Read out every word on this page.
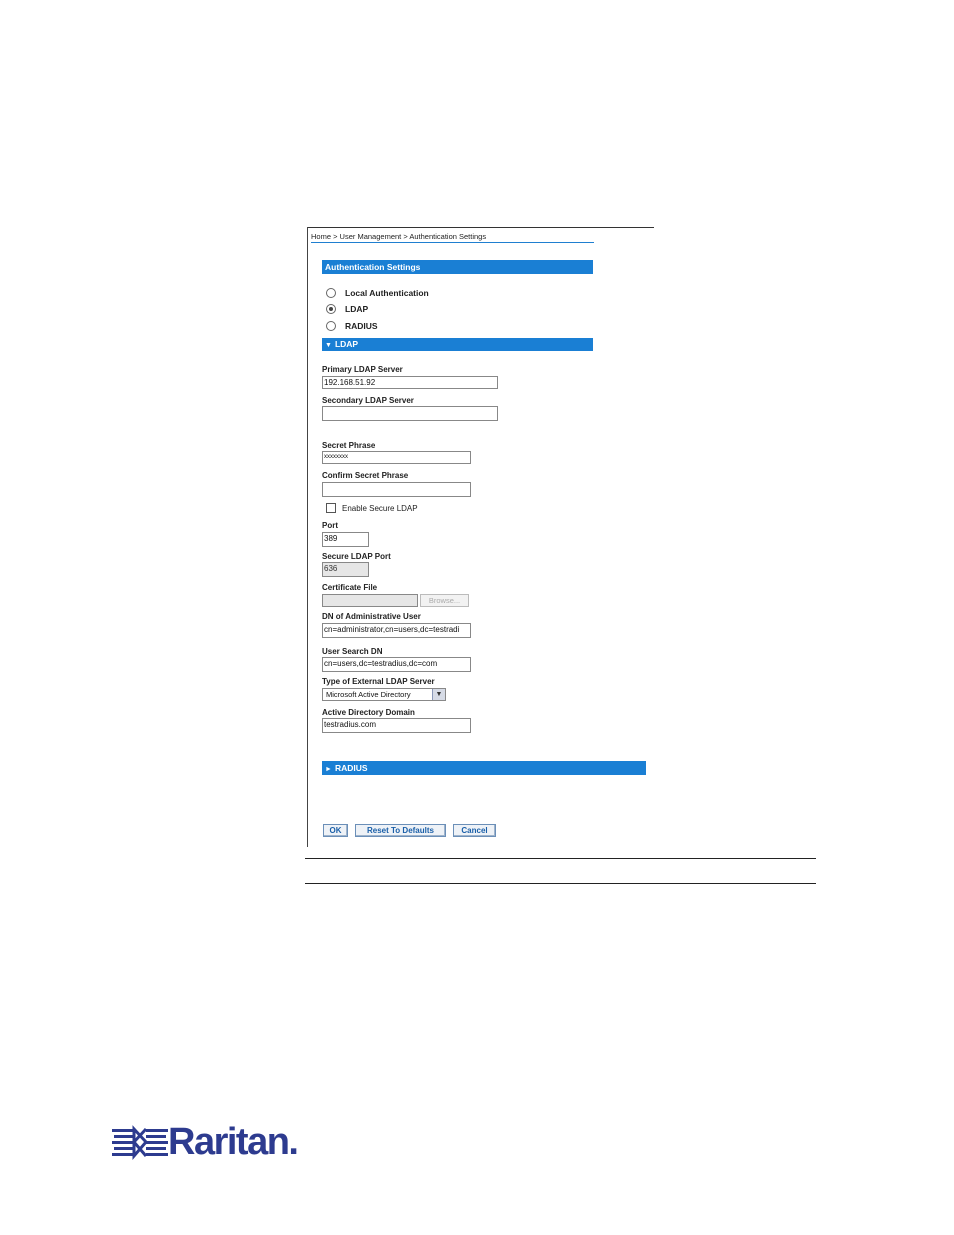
Home > User Management > Authentication Settings
Authentication Settings
Local Authentication
LDAP
RADIUS
▼ LDAP
Primary LDAP Server
192.168.51.92
Secondary LDAP Server
Secret Phrase
xxxxxxxx
Confirm Secret Phrase
Enable Secure LDAP
Port
389
Secure LDAP Port
636
Certificate File
Browse...
DN of Administrative User
cn=administrator,cn=users,dc=testradi
User Search DN
cn=users,dc=testradius,dc=com
Type of External LDAP Server
Microsoft Active Directory	▼
Active Directory Domain
testradius.com
► RADIUS
OK	Reset To Defaults	Cancel
Raritan.
